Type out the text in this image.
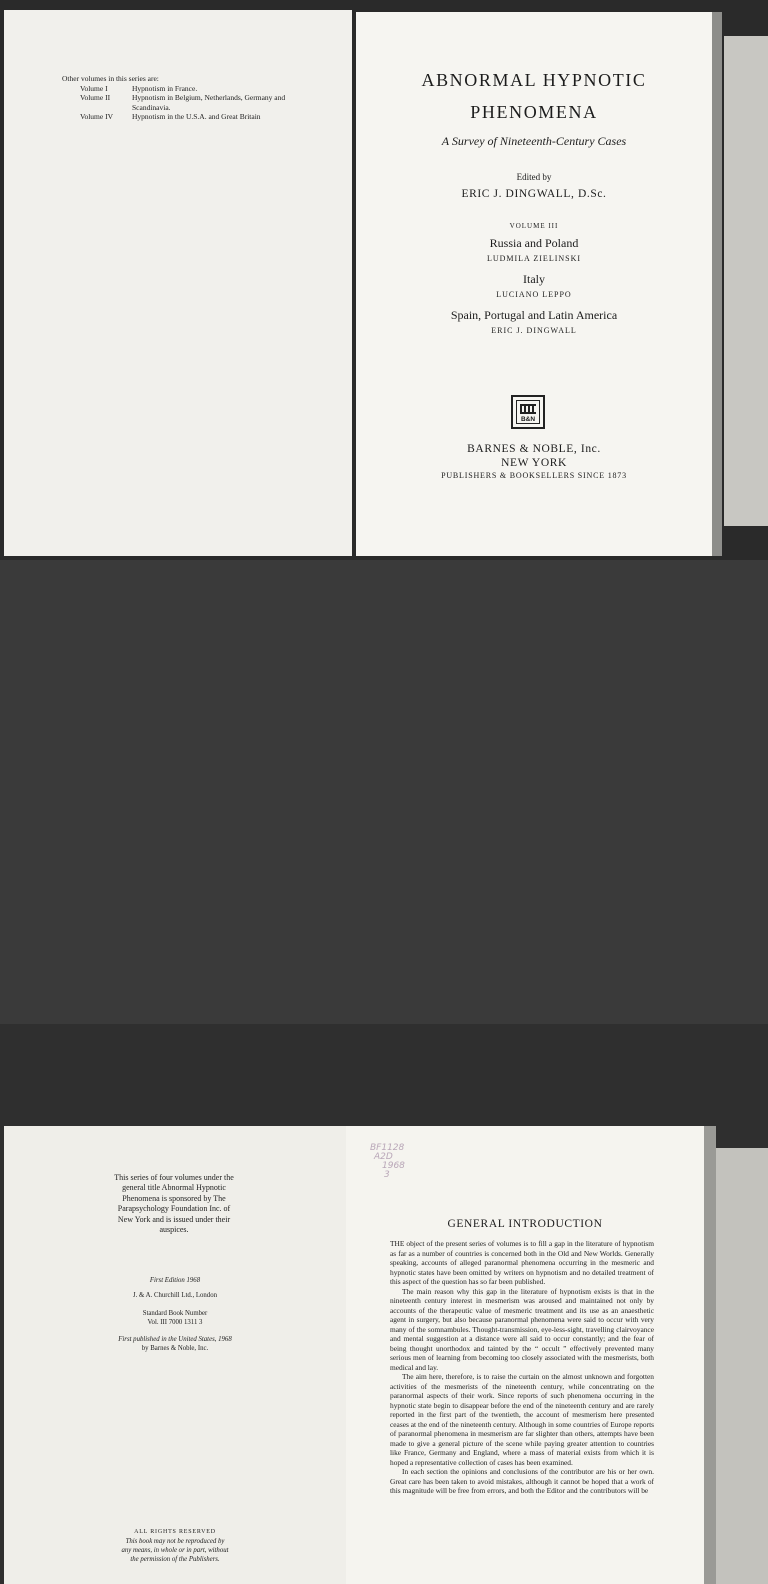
Other volumes in this series are:
Volume I	Hypnotism in France.
Volume II	Hypnotism in Belgium, Netherlands, Germany and Scandinavia.
Volume IV	Hypnotism in the U.S.A. and Great Britain
ABNORMAL HYPNOTIC
PHENOMENA
A Survey of Nineteenth-Century Cases
Edited by
ERIC J. DINGWALL, D.Sc.
VOLUME III
Russia and Poland
LUDMILA ZIELINSKI
Italy
LUCIANO LEPPO
Spain, Portugal and Latin America
ERIC J. DINGWALL
B&N
BARNES & NOBLE, Inc.
NEW YORK
PUBLISHERS & BOOKSELLERS SINCE 1873
This series of four volumes under the general title Abnormal Hypnotic Phenomena is sponsored by The Parapsychology Foundation Inc. of New York and is issued under their auspices.
First Edition 1968
J. & A. Churchill Ltd., London
Standard Book Number
Vol. III 7000 1311 3
First published in the United States, 1968
by Barnes & Noble, Inc.
ALL RIGHTS RESERVED
This book may not be reproduced by
any means, in whole or in part, without
the permission of the Publishers.
BF1128
A2D
1968
3
GENERAL INTRODUCTION

THE object of the present series of volumes is to fill a gap in the literature of hypnotism as far as a number of countries is concerned both in the Old and New Worlds. Generally speaking, accounts of alleged paranormal phenomena occurring in the mesmeric and hypnotic states have been omitted by writers on hypnotism and no detailed treatment of this aspect of the question has so far been published.

The main reason why this gap in the literature of hypnotism exists is that in the nineteenth century interest in mesmerism was aroused and maintained not only by accounts of the therapeutic value of mesmeric treatment and its use as an anaesthetic agent in surgery, but also because paranormal phenomena were said to occur with very many of the somnambules. Thought-transmission, eye-less-sight, travelling clairvoyance and mental suggestion at a distance were all said to occur constantly; and the fear of being thought unorthodox and tainted by the “ occult ” effectively prevented many serious men of learning from becoming too closely associated with the mesmerists, both medical and lay.

The aim here, therefore, is to raise the curtain on the almost unknown and forgotten activities of the mesmerists of the nineteenth century, while concentrating on the paranormal aspects of their work. Since reports of such phenomena occurring in the hypnotic state begin to disappear before the end of the nineteenth century and are rarely reported in the first part of the twentieth, the account of mesmerism here presented ceases at the end of the nineteenth century. Although in some countries of Europe reports of paranormal phenomena in mesmerism are far slighter than others, attempts have been made to give a general picture of the scene while paying greater attention to countries like France, Germany and England, where a mass of material exists from which it is hoped a representative collection of cases has been examined.

In each section the opinions and conclusions of the contributor are his or her own. Great care has been taken to avoid mistakes, although it cannot be hoped that a work of this magnitude will be free from errors, and both the Editor and the contributors will be
